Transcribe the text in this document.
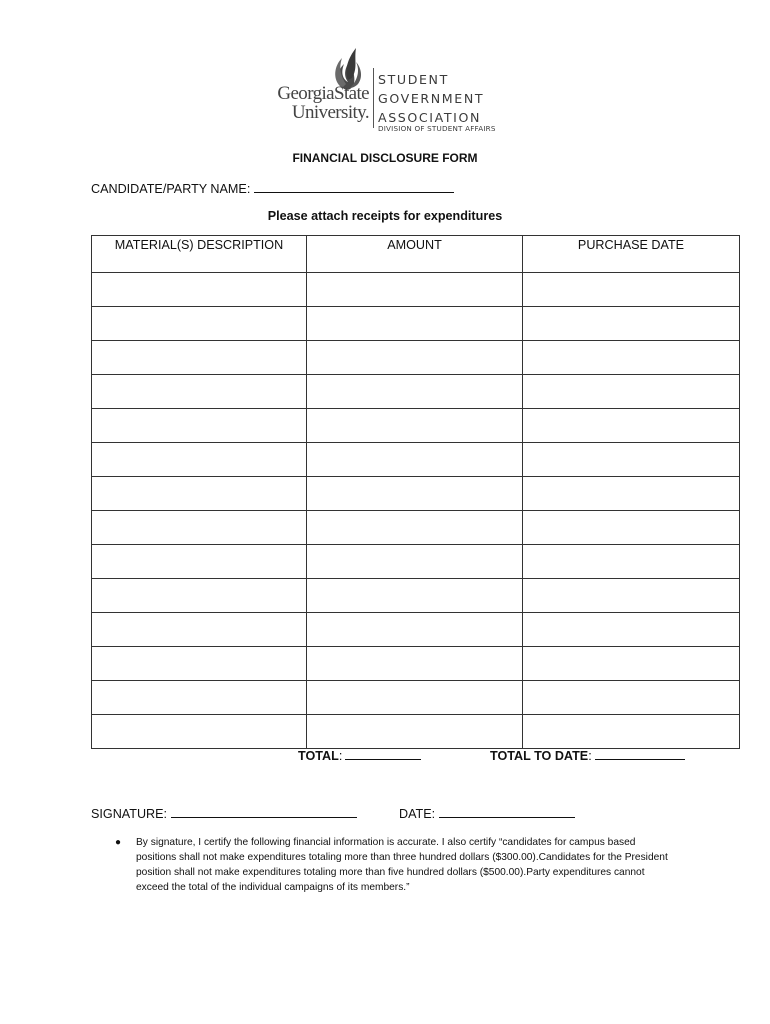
GeorgiaState
University.
STUDENT
GOVERNMENT
ASSOCIATION
DIVISION OF STUDENT AFFAIRS
FINANCIAL DISCLOSURE FORM
CANDIDATE/PARTY NAME:
Please attach receipts for expenditures
MATERIAL(S) DESCRIPTION	AMOUNT	PURCHASE DATE

TOTAL:	TOTAL TO DATE:
SIGNATURE:	DATE:
● By signature, I certify the following financial information is accurate. I also certify “candidates for campus based positions shall not make expenditures totaling more than three hundred dollars ($300.00).Candidates for the President position shall not make expenditures totaling more than five hundred dollars ($500.00).Party expenditures cannot exceed the total of the individual campaigns of its members.”
